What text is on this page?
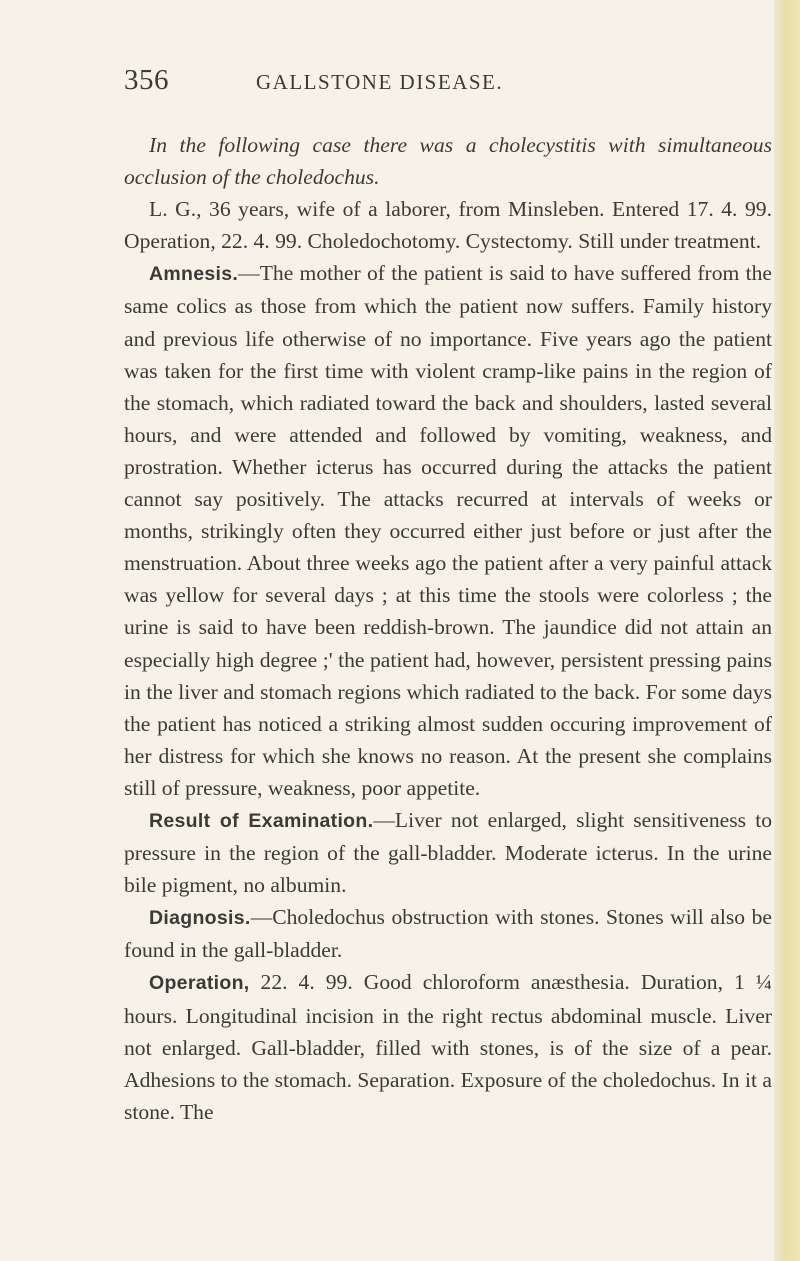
356	GALLSTONE DISEASE.

In the following case there was a cholecystitis with simultaneous occlusion of the choledochus.

L. G., 36 years, wife of a laborer, from Minsleben. Entered 17. 4. 99. Operation, 22. 4. 99. Choledochotomy. Cystectomy. Still under treatment.

Amnesis.—The mother of the patient is said to have suffered from the same colics as those from which the patient now suffers. Family history and previous life otherwise of no importance. Five years ago the patient was taken for the first time with violent cramp-like pains in the region of the stomach, which radiated toward the back and shoulders, lasted several hours, and were attended and followed by vomiting, weakness, and prostration. Whether icterus has occurred during the attacks the patient cannot say positively. The attacks recurred at intervals of weeks or months, strikingly often they occurred either just before or just after the menstruation. About three weeks ago the patient after a very painful attack was yellow for several days ; at this time the stools were colorless ; the urine is said to have been reddish-brown. The jaundice did not attain an especially high degree ;' the patient had, however, persistent pressing pains in the liver and stomach regions which radiated to the back. For some days the patient has noticed a striking almost sudden occuring improvement of her distress for which she knows no reason. At the present she complains still of pressure, weakness, poor appetite.

Result of Examination.—Liver not enlarged, slight sensitiveness to pressure in the region of the gall-bladder. Moderate icterus. In the urine bile pigment, no albumin.

Diagnosis.—Choledochus obstruction with stones. Stones will also be found in the gall-bladder.

Operation, 22. 4. 99. Good chloroform anæsthesia. Duration, 1 ¼ hours. Longitudinal incision in the right rectus abdominal muscle. Liver not enlarged. Gall-bladder, filled with stones, is of the size of a pear. Adhesions to the stomach. Separation. Exposure of the choledochus. In it a stone. The
